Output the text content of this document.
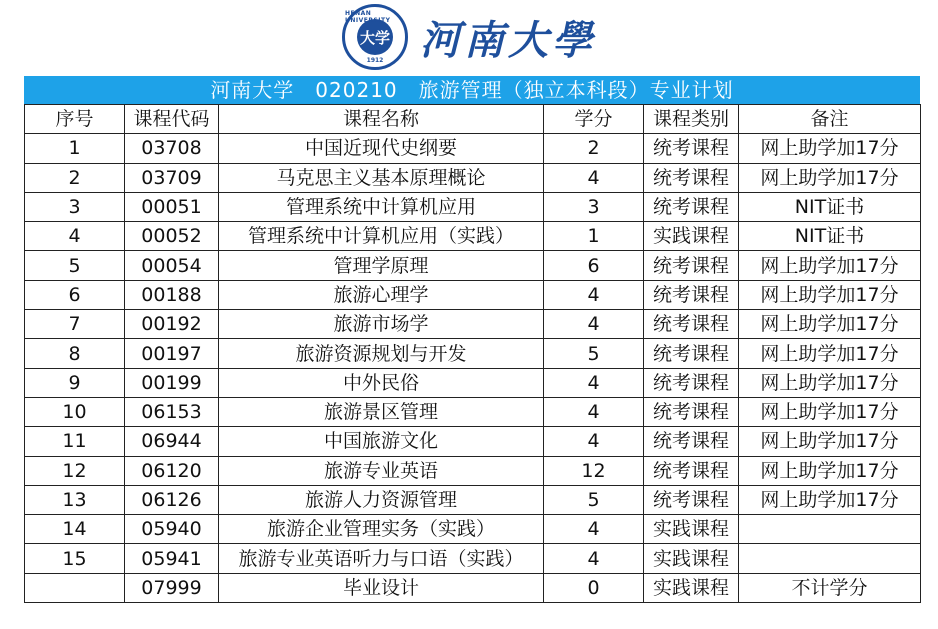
HENAN UNIVERSITY
大学
1912 河南大學
河南大学　020210　旅游管理（独立本科段）专业计划
序号	课程代码	课程名称	学分	课程类别	备注
1	03708	中国近现代史纲要	2	统考课程	网上助学加17分
2	03709	马克思主义基本原理概论	4	统考课程	网上助学加17分
3	00051	管理系统中计算机应用	3	统考课程	NIT证书
4	00052	管理系统中计算机应用（实践）	1	实践课程	NIT证书
5	00054	管理学原理	6	统考课程	网上助学加17分
6	00188	旅游心理学	4	统考课程	网上助学加17分
7	00192	旅游市场学	4	统考课程	网上助学加17分
8	00197	旅游资源规划与开发	5	统考课程	网上助学加17分
9	00199	中外民俗	4	统考课程	网上助学加17分
10	06153	旅游景区管理	4	统考课程	网上助学加17分
11	06944	中国旅游文化	4	统考课程	网上助学加17分
12	06120	旅游专业英语	12	统考课程	网上助学加17分
13	06126	旅游人力资源管理	5	统考课程	网上助学加17分
14	05940	旅游企业管理实务（实践）	4	实践课程	
15	05941	旅游专业英语听力与口语（实践）	4	实践课程	
	07999	毕业设计	0	实践课程	不计学分
